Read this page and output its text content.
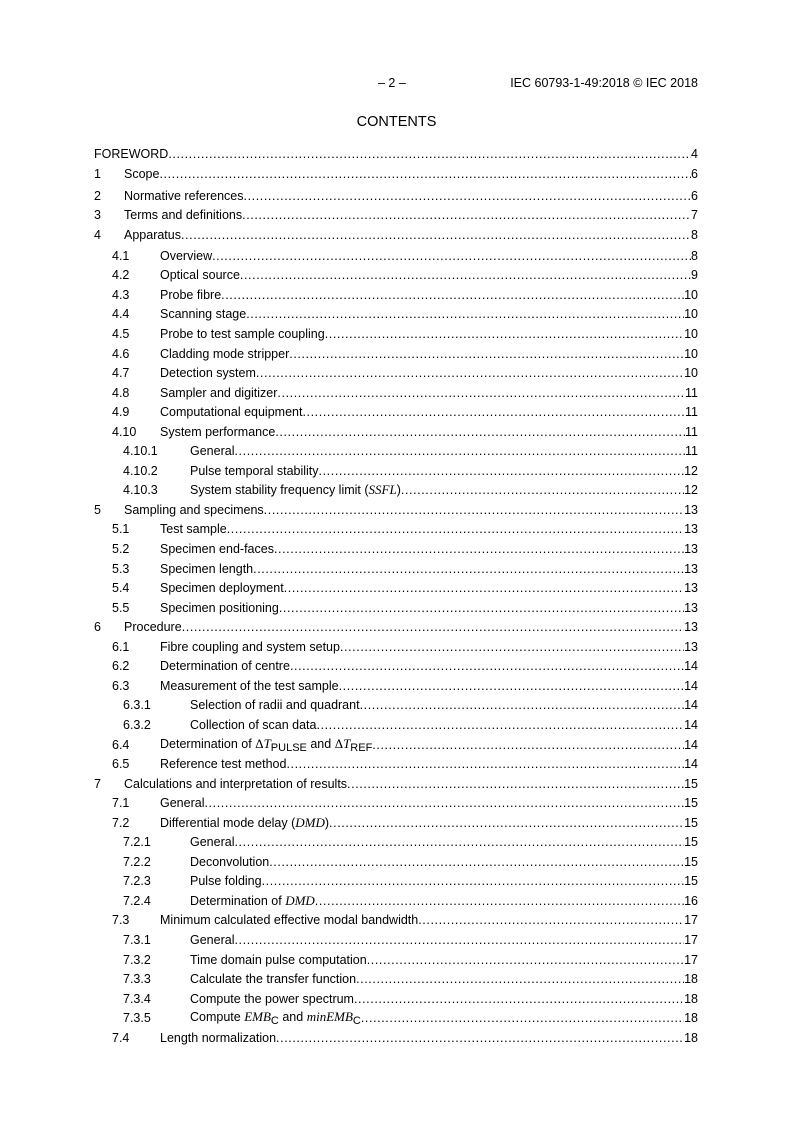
– 2 –	IEC 60793-1-49:2018 © IEC 2018
CONTENTS
FOREWORD .....	4
1	Scope .....	6
2	Normative references .....	6
3	Terms and definitions .....	7
4	Apparatus .....	8
4.1	Overview .....	8
4.2	Optical source .....	9
4.3	Probe fibre .....	10
4.4	Scanning stage .....	10
4.5	Probe to test sample coupling .....	10
4.6	Cladding mode stripper .....	10
4.7	Detection system .....	10
4.8	Sampler and digitizer .....	11
4.9	Computational equipment .....	11
4.10	System performance .....	11
4.10.1	General .....	11
4.10.2	Pulse temporal stability .....	12
4.10.3	System stability frequency limit (SSFL) .....	12
5	Sampling and specimens .....	13
5.1	Test sample .....	13
5.2	Specimen end-faces .....	13
5.3	Specimen length .....	13
5.4	Specimen deployment .....	13
5.5	Specimen positioning .....	13
6	Procedure .....	13
6.1	Fibre coupling and system setup .....	13
6.2	Determination of centre .....	14
6.3	Measurement of the test sample .....	14
6.3.1	Selection of radii and quadrant .....	14
6.3.2	Collection of scan data .....	14
6.4	Determination of ΔTPULSE and ΔTREF .....	14
6.5	Reference test method .....	14
7	Calculations and interpretation of results .....	15
7.1	General .....	15
7.2	Differential mode delay (DMD) .....	15
7.2.1	General .....	15
7.2.2	Deconvolution .....	15
7.2.3	Pulse folding .....	15
7.2.4	Determination of DMD .....	16
7.3	Minimum calculated effective modal bandwidth .....	17
7.3.1	General .....	17
7.3.2	Time domain pulse computation .....	17
7.3.3	Calculate the transfer function .....	18
7.3.4	Compute the power spectrum .....	18
7.3.5	Compute EMBC and minEMBC .....	18
7.4	Length normalization .....	18
